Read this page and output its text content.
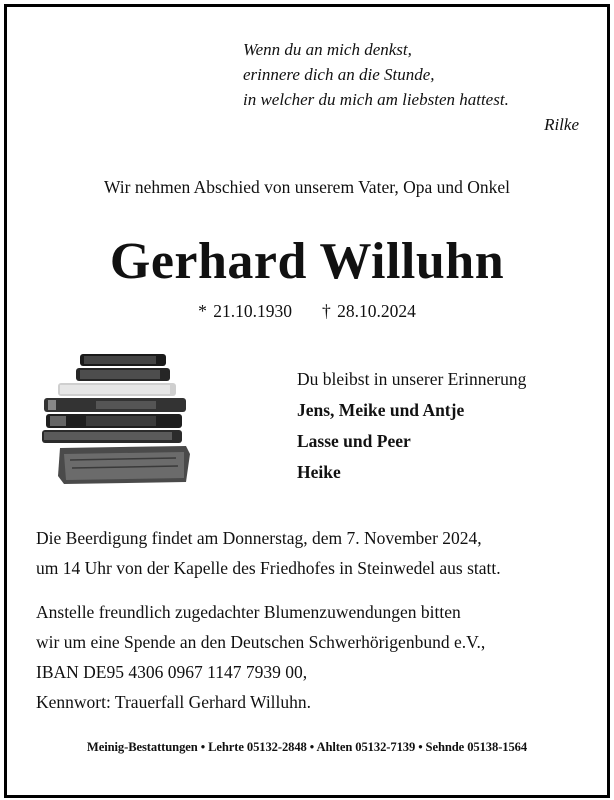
Wenn du an mich denkst,
erinnere dich an die Stunde,
in welcher du mich am liebsten hattest.
Rilke
Wir nehmen Abschied von unserem Vater, Opa und Onkel
Gerhard Willuhn
* 21.10.1930 † 28.10.2024
Du bleibst in unserer Erinnerung
Jens, Meike und Antje
Lasse und Peer
Heike
Die Beerdigung findet am Donnerstag, dem 7. November 2024,
um 14 Uhr von der Kapelle des Friedhofes in Steinwedel aus statt.
Anstelle freundlich zugedachter Blumenzuwendungen bitten
wir um eine Spende an den Deutschen Schwerhörigenbund e.V.,
IBAN DE95 4306 0967 1147 7939 00,
Kennwort: Trauerfall Gerhard Willuhn.
Meinig-Bestattungen • Lehrte 05132-2848 • Ahlten 05132-7139 • Sehnde 05138-1564
